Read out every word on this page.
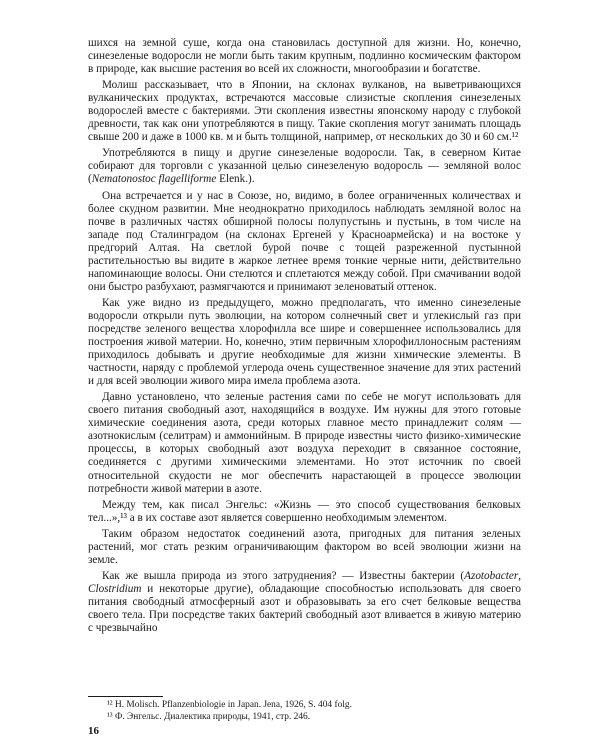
шихся на земной суше, когда она становилась доступной для жизни. Но, конечно, синезеленые водоросли не могли быть таким крупным, подлинно космическим фактором в природе, как высшие растения во всей их сложности, многообразии и богатстве.

Молиш рассказывает, что в Японии, на склонах вулканов, на выветривающихся вулканических продуктах, встречаются массовые слизистые скопления синезеленых водорослей вместе с бактериями. Эти скопления известны японскому народу с глубокой древности, так как они употребляются в пищу. Такие скопления могут занимать площадь свыше 200 и даже в 1000 кв. м и быть толщиной, например, от нескольких до 30 и 60 см.¹²

Употребляются в пищу и другие синезеленые водоросли. Так, в северном Китае собирают для торговли с указанной целью синезеленую водоросль — земляной волос (Nematonostoc flagelliforme Elenk.).

Она встречается и у нас в Союзе, но, видимо, в более ограниченных количествах и более скудном развитии. Мне неоднократно приходилось наблюдать земляной волос на почве в различных частях обширной полосы полупустынь и пустынь, в том числе на западе под Сталинградом (на склонах Ергеней у Красноармейска) и на востоке у предгорий Алтая. На светлой бурой почве с тощей разреженной пустынной растительностью вы видите в жаркое летнее время тонкие черные нити, действительно напоминающие волосы. Они стелются и сплетаются между собой. При смачивании водой они быстро разбухают, размягчаются и принимают зеленоватый оттенок.

Как уже видно из предыдущего, можно предполагать, что именно синезеленые водоросли открыли путь эволюции, на котором солнечный свет и углекислый газ при посредстве зеленого вещества хлорофилла все шире и совершеннее использовались для построения живой материи. Но, конечно, этим первичным хлорофиллоносным растениям приходилось добывать и другие необходимые для жизни химические элементы. В частности, наряду с проблемой углерода очень существенное значение для этих растений и для всей эволюции живого мира имела проблема азота.

Давно установлено, что зеленые растения сами по себе не могут использовать для своего питания свободный азот, находящийся в воздухе. Им нужны для этого готовые химические соединения азота, среди которых главное место принадлежит солям — азотнокислым (селитрам) и аммонийным. В природе известны чисто физико-химические процессы, в которых свободный азот воздуха переходит в связанное состояние, соединяется с другими химическими элементами. Но этот источник по своей относительной скудости не мог обеспечить нарастающей в процессе эволюции потребности живой материи в азоте.

Между тем, как писал Энгельс: «Жизнь — это способ существования белковых тел...»,¹³ а в их составе азот является совершенно необходимым элементом.

Таким образом недостаток соединений азота, пригодных для питания зеленых растений, мог стать резким ограничивающим фактором во всей эволюции жизни на земле.

Как же вышла природа из этого затруднения? — Известны бактерии (Azotobacter, Clostridium и некоторые другие), обладающие способностью использовать для своего питания свободный атмосферный азот и образовывать за его счет белковые вещества своего тела. При посредстве таких бактерий свободный азот вливается в живую материю с чрезвычайно

¹² Н. Molisch. Pflanzenbiologie in Japan. Jena, 1926, S. 404 folg.

¹³ Ф. Энгельс. Диалектика природы, 1941, стр. 246.

16
